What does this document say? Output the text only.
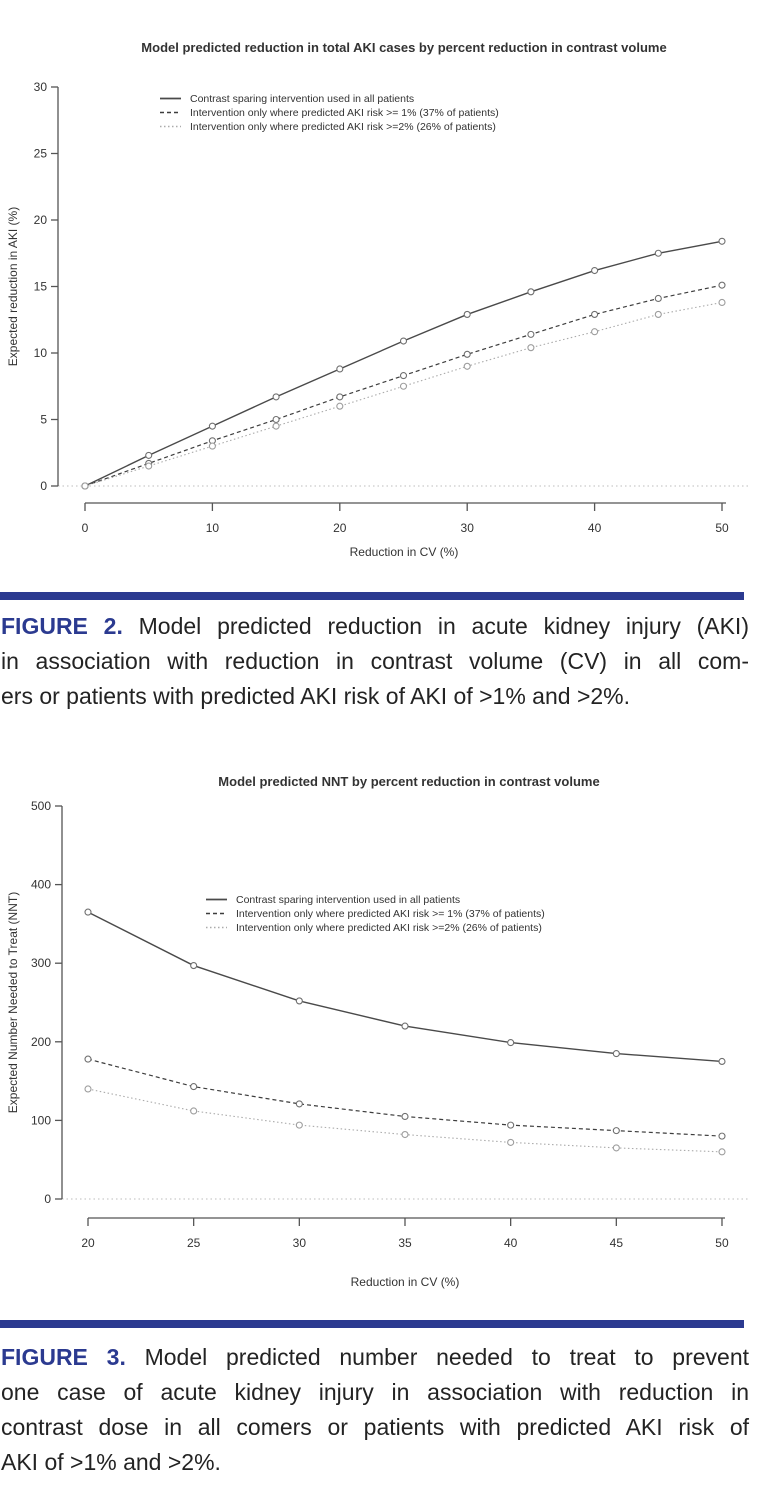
0
5
10
15
20
25
30
0	10	20	30	40	50
Model predicted reduction in total AKI cases by percent reduction in contrast volume
Reduction in CV (%)
Expected reduction in AKI (%)
Contrast sparing intervention used in all patients
Intervention only where predicted AKI risk >= 1% (37% of patients)
Intervention only where predicted AKI risk >=2% (26% of patients)
0
100
200
300
400
500
20	25	30	35	40	45	50
Model predicted NNT by percent reduction in contrast volume
Reduction in CV (%)
Expected Number Needed to Treat (NNT)	Contrast sparing intervention used in all patients
Intervention only where predicted AKI risk >= 1% (37% of patients)
Intervention only where predicted AKI risk >=2% (26% of patients)
FIGURE 2. Model predicted reduction in acute kidney injury (AKI)
in association with reduction in contrast volume (CV) in all com-
ers or patients with predicted AKI risk of AKI of >1% and >2%.
FIGURE 3. Model predicted number needed to treat to prevent
one case of acute kidney injury in association with reduction in
contrast dose in all comers or patients with predicted AKI risk of
AKI of >1% and >2%.
